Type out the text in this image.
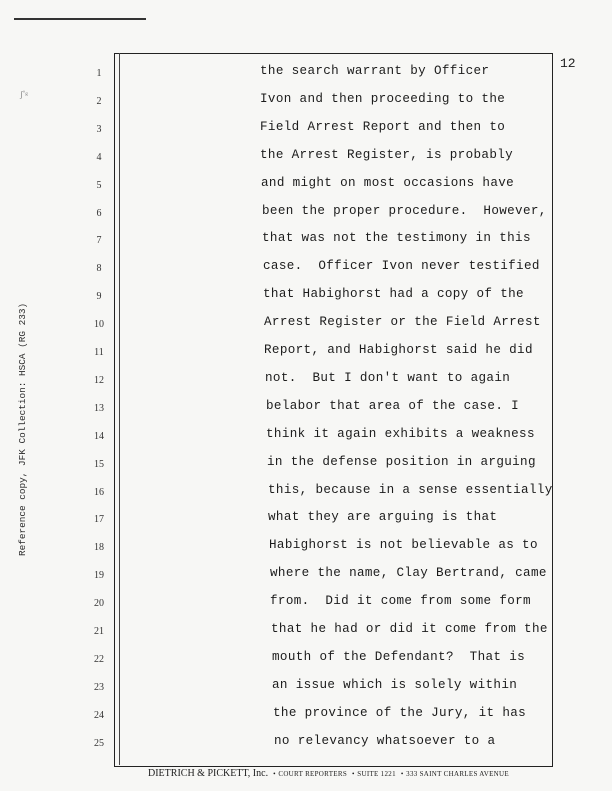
Reference copy, JFK Collection: HSCA (RG 233)
ʃ˚ᵍ
12
1
2
3
4
5
6
7
8
9
10
11
12
13
14
15
16
17
18
19
20
21
22
23
24
25
the search warrant by Officer
Ivon and then proceeding to the
Field Arrest Report and then to
the Arrest Register, is probably
and might on most occasions have
been the proper procedure.  However,
that was not the testimony in this
case.  Officer Ivon never testified
that Habighorst had a copy of the
Arrest Register or the Field Arrest
Report, and Habighorst said he did
not.  But I don't want to again
belabor that area of the case. I
think it again exhibits a weakness
in the defense position in arguing
this, because in a sense essentially
what they are arguing is that
Habighorst is not believable as to
where the name, Clay Bertrand, came
from.  Did it come from some form
that he had or did it come from the
mouth of the Defendant?  That is
an issue which is solely within
the province of the Jury, it has
no relevancy whatsoever to a
DIETRICH & PICKETT, Inc. • COURT REPORTERS • SUITE 1221 • 333 SAINT CHARLES AVENUE
